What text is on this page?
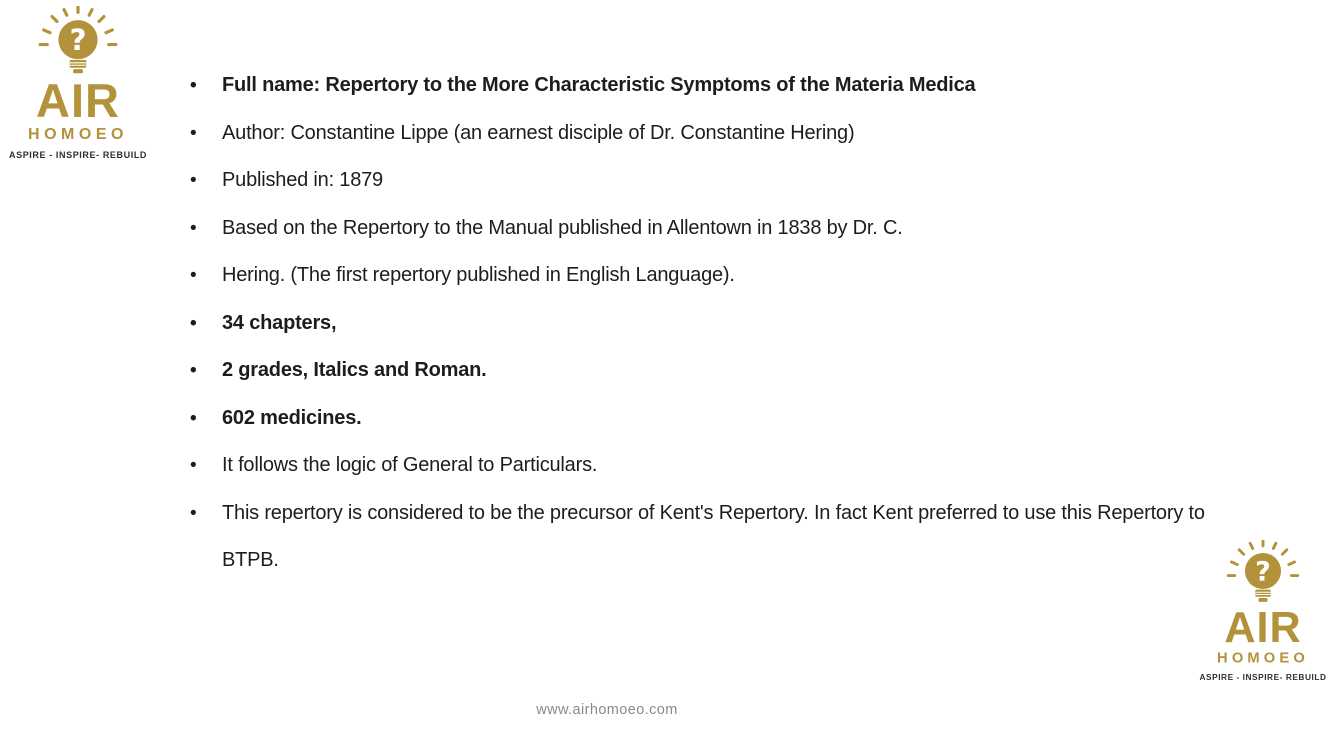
?
AIR
HOMOEO
ASPIRE - INSPIRE- REBUILD
• Full name: Repertory to the More Characteristic Symptoms of the Materia Medica
• Author: Constantine Lippe (an earnest disciple of Dr. Constantine Hering)
• Published in: 1879
• Based on the Repertory to the Manual published in Allentown in 1838 by Dr. C.
• Hering. (The first repertory published in English Language).
• 34 chapters,
• 2 grades, Italics and Roman.
• 602 medicines.
• It follows the logic of General to Particulars.
• This repertory is considered to be the precursor of Kent's Repertory. In fact Kent preferred to use this Repertory to BTPB.	?
AIR
HOMOEO
ASPIRE - INSPIRE- REBUILD
www.airhomoeo.com
